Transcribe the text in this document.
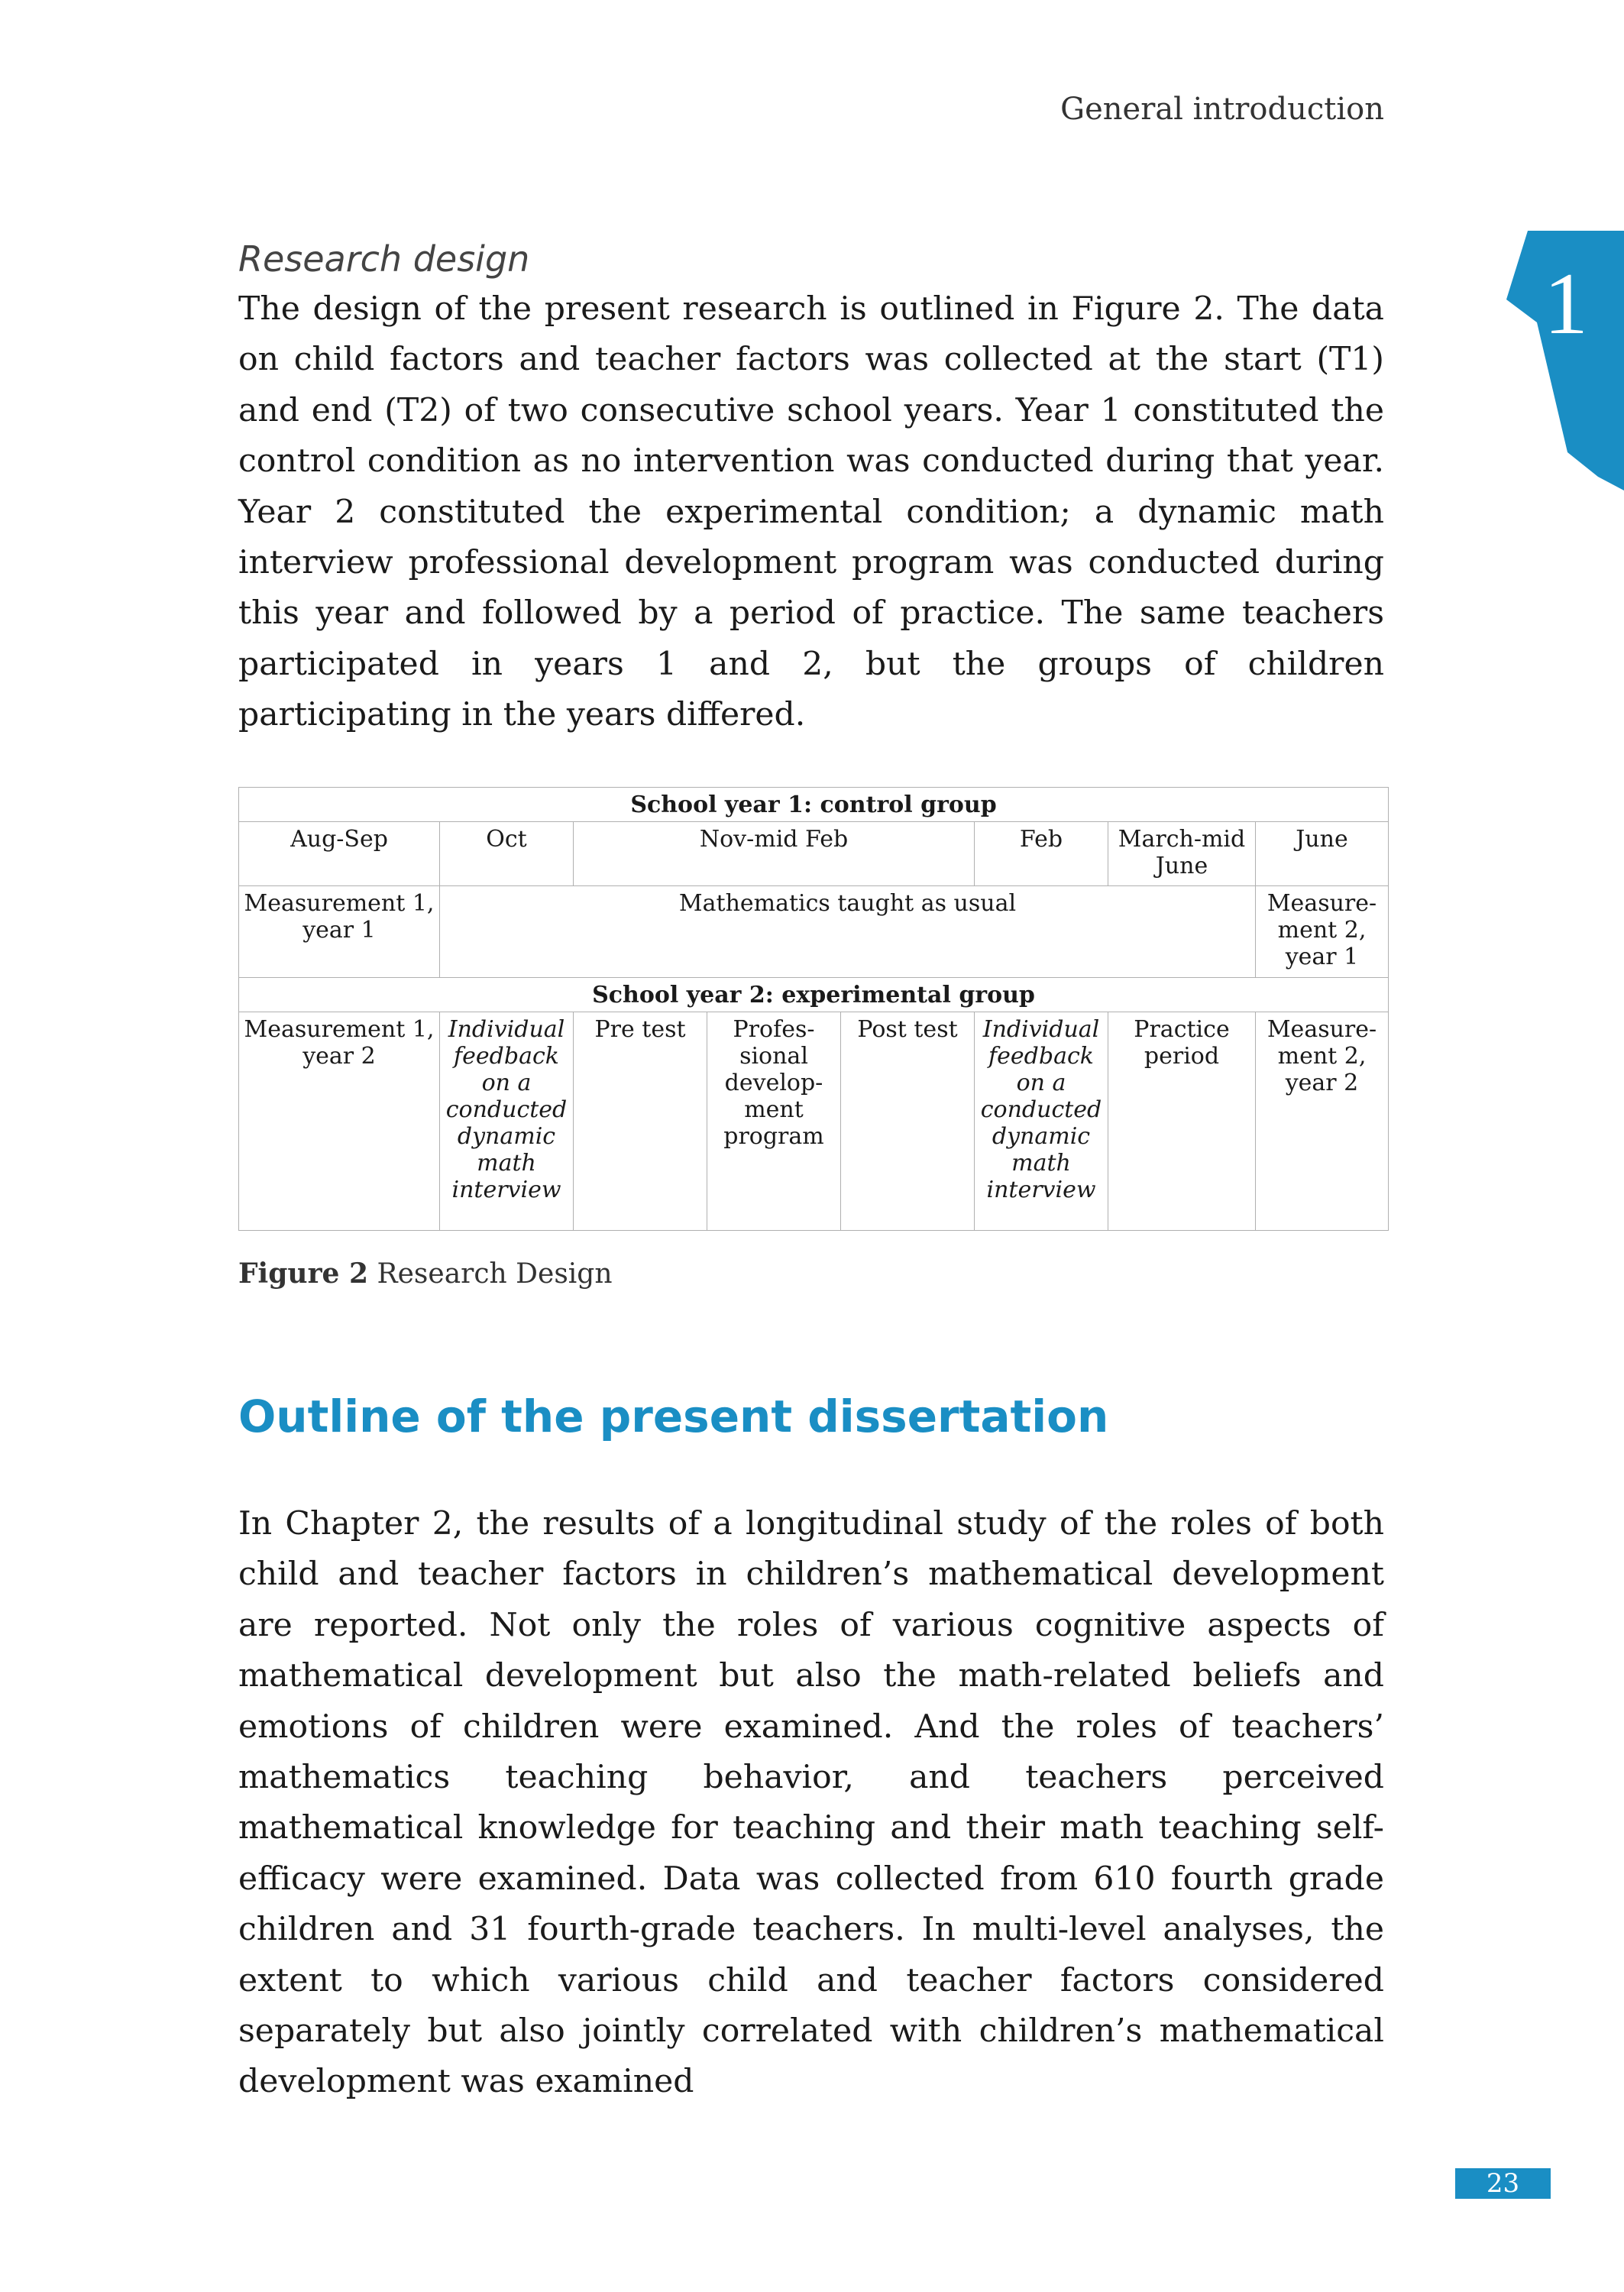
General introduction
1
Research design
The design of the present research is outlined in Figure 2. The data on child factors and teacher factors was collected at the start (T1) and end (T2) of two consecutive school years. Year 1 constituted the control condition as no intervention was conducted during that year. Year 2 constituted the experimental condition; a dynamic math interview professional development program was conducted during this year and followed by a period of practice. The same teachers participated in years 1 and 2, but the groups of children participating in the years differed.
School year 1: control group							
Aug-Sep	Oct	Nov-mid Feb			Feb	March-mid June	June
Measurement 1, year 1	Mathematics taught as usual						Measure-ment 2, year 1
School year 2: experimental group							
Measurement 1, year 2	Individual feedback on a conducted dynamic math interview	Pre test	Profes-sional develop-ment program	Post test	Individual feedback on a conducted dynamic math interview	Practice period	Measure-ment 2, year 2
Figure 2 Research Design
Outline of the present dissertation
In Chapter 2, the results of a longitudinal study of the roles of both child and teacher factors in children’s mathematical development are reported. Not only the roles of various cognitive aspects of mathematical development but also the math-related beliefs and emotions of children were examined. And the roles of teachers’ mathematics teaching behavior, and teachers perceived mathematical knowledge for teaching and their math teaching self-efficacy were examined. Data was collected from 610 fourth grade children and 31 fourth-grade teachers. In multi-level analyses, the extent to which various child and teacher factors considered separately but also jointly correlated with children’s mathematical development was examined
23
